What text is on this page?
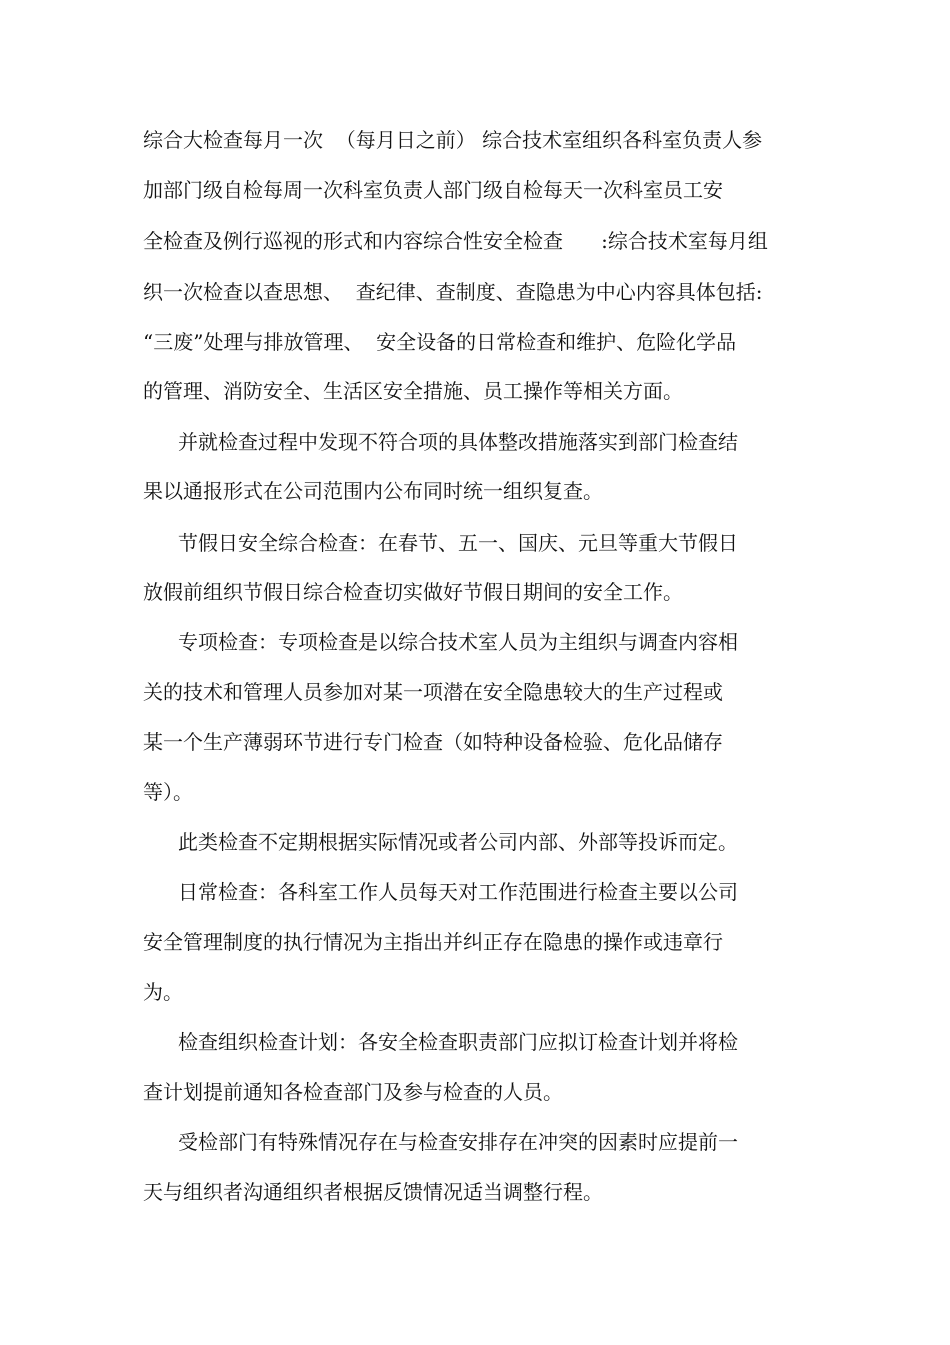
综合大检查每月一次  （每月日之前） 综合技术室组织各科室负责人参
加部门级自检每周一次科室负责人部门级自检每天一次科室员工安
全检查及例行巡视的形式和内容综合性安全检查      :综合技术室每月组
织一次检查以查思想、  查纪律、查制度、查隐患为中心内容具体包括:
“三废”处理与排放管理、  安全设备的日常检查和维护、危险化学品
的管理、消防安全、生活区安全措施、员工操作等相关方面。
并就检查过程中发现不符合项的具体整改措施落实到部门检查结
果以通报形式在公司范围内公布同时统一组织复查。
节假日安全综合检查：在春节、五一、国庆、元旦等重大节假日
放假前组织节假日综合检查切实做好节假日期间的安全工作。
专项检查：专项检查是以综合技术室人员为主组织与调查内容相
关的技术和管理人员参加对某一项潜在安全隐患较大的生产过程或
某一个生产薄弱环节进行专门检查（如特种设备检验、危化品储存
等）。
此类检查不定期根据实际情况或者公司内部、外部等投诉而定。
日常检查：各科室工作人员每天对工作范围进行检查主要以公司
安全管理制度的执行情况为主指出并纠正存在隐患的操作或违章行
为。
检查组织检查计划：各安全检查职责部门应拟订检查计划并将检
查计划提前通知各检查部门及参与检查的人员。
受检部门有特殊情况存在与检查安排存在冲突的因素时应提前一
天与组织者沟通组织者根据反馈情况适当调整行程。
